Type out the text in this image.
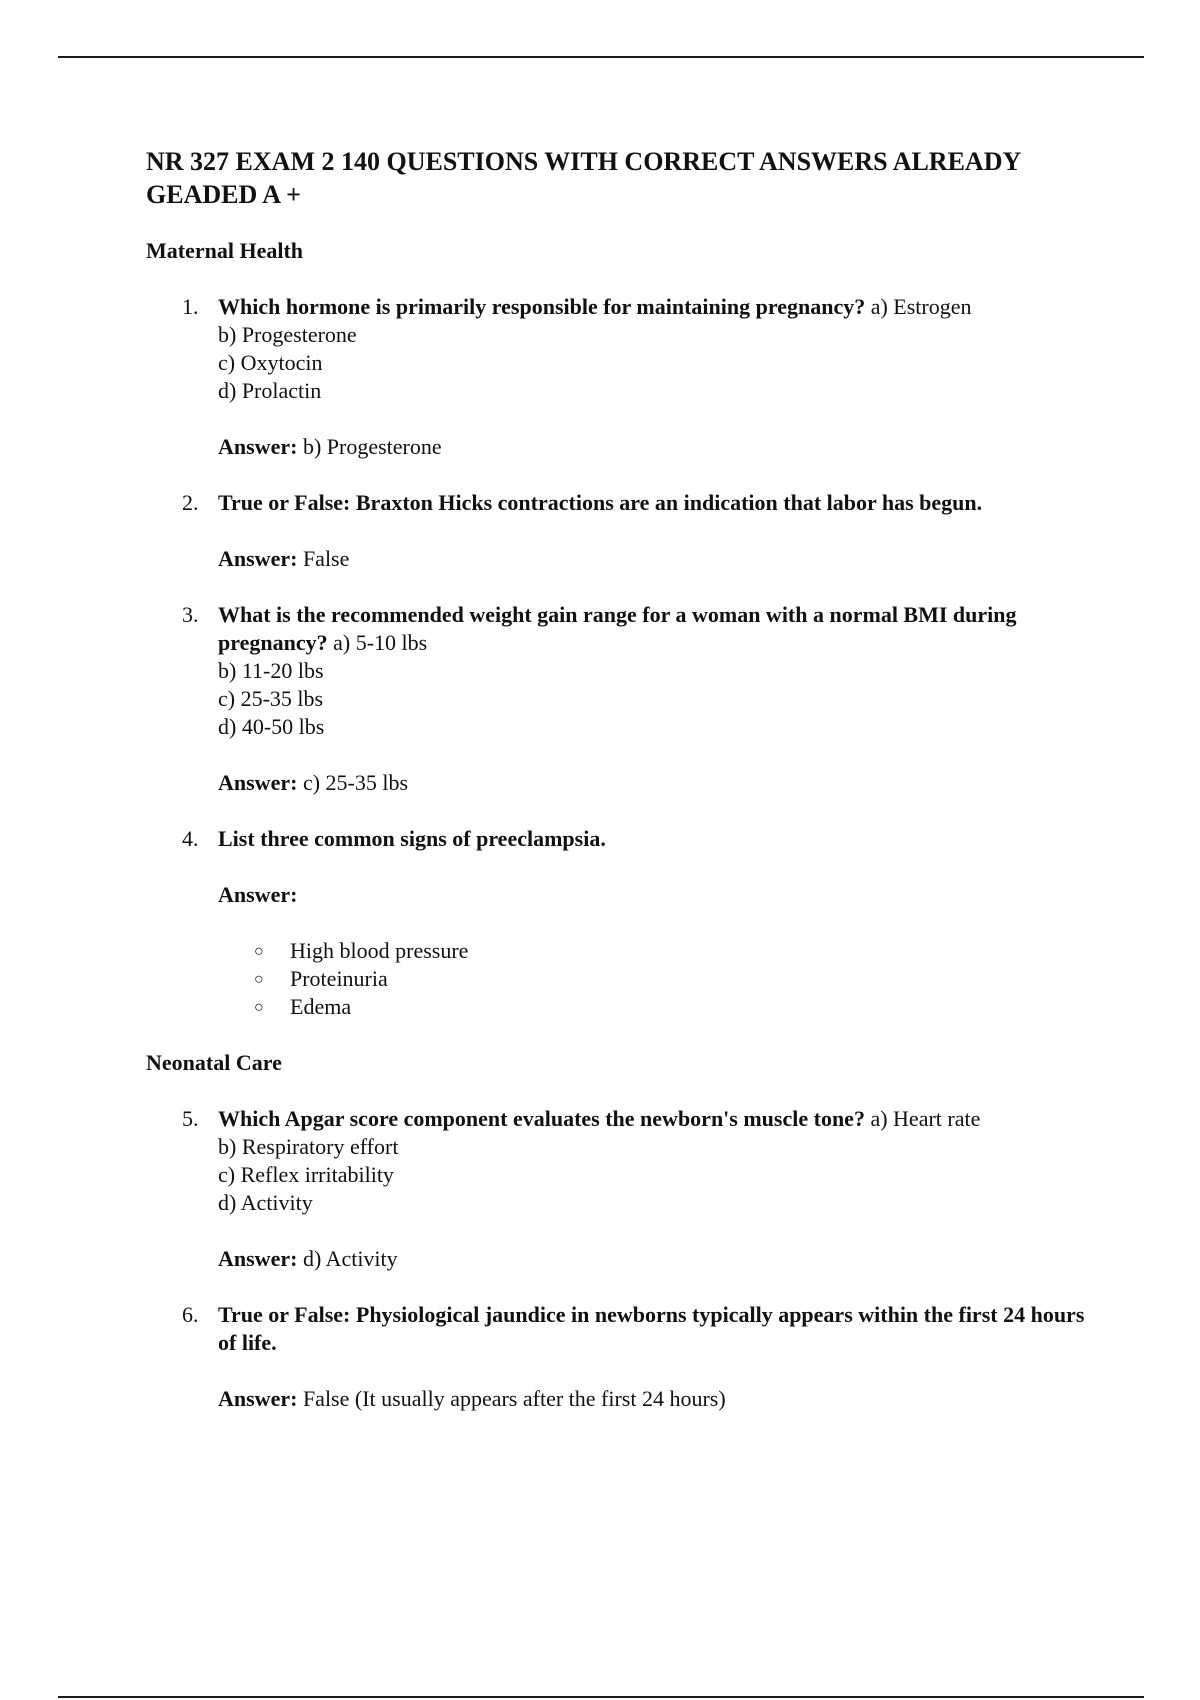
NR 327 EXAM 2 140 QUESTIONS WITH CORRECT ANSWERS ALREADY GEADED A +
Maternal Health
1. Which hormone is primarily responsible for maintaining pregnancy? a) Estrogen
b) Progesterone
c) Oxytocin
d) Prolactin
Answer: b) Progesterone
2. True or False: Braxton Hicks contractions are an indication that labor has begun.
Answer: False
3. What is the recommended weight gain range for a woman with a normal BMI during pregnancy? a) 5-10 lbs
b) 11-20 lbs
c) 25-35 lbs
d) 40-50 lbs
Answer: c) 25-35 lbs
4. List three common signs of preeclampsia.
Answer:
○ High blood pressure
○ Proteinuria
○ Edema
Neonatal Care
5. Which Apgar score component evaluates the newborn's muscle tone? a) Heart rate
b) Respiratory effort
c) Reflex irritability
d) Activity
Answer: d) Activity
6. True or False: Physiological jaundice in newborns typically appears within the first 24 hours of life.
Answer: False (It usually appears after the first 24 hours)
